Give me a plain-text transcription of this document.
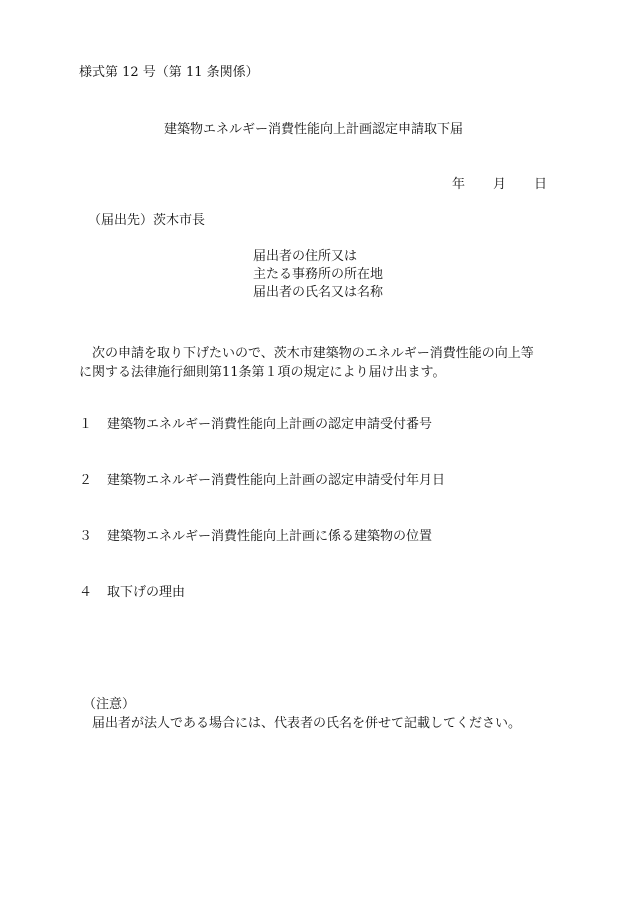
様式第 12 号（第 11 条関係）
建築物エネルギー消費性能向上計画認定申請取下届
年 月 日
（届出先）茨木市長
届出者の住所又は
主たる事務所の所在地
届出者の氏名又は名称
　次の申請を取り下げたいので、茨木市建築物のエネルギー消費性能の向上等
に関する法律施行細則第11条第１項の規定により届け出ます。
１ 建築物エネルギー消費性能向上計画の認定申請受付番号
２ 建築物エネルギー消費性能向上計画の認定申請受付年月日
３ 建築物エネルギー消費性能向上計画に係る建築物の位置
４ 取下げの理由
（注意）
届出者が法人である場合には、代表者の氏名を併せて記載してください。
